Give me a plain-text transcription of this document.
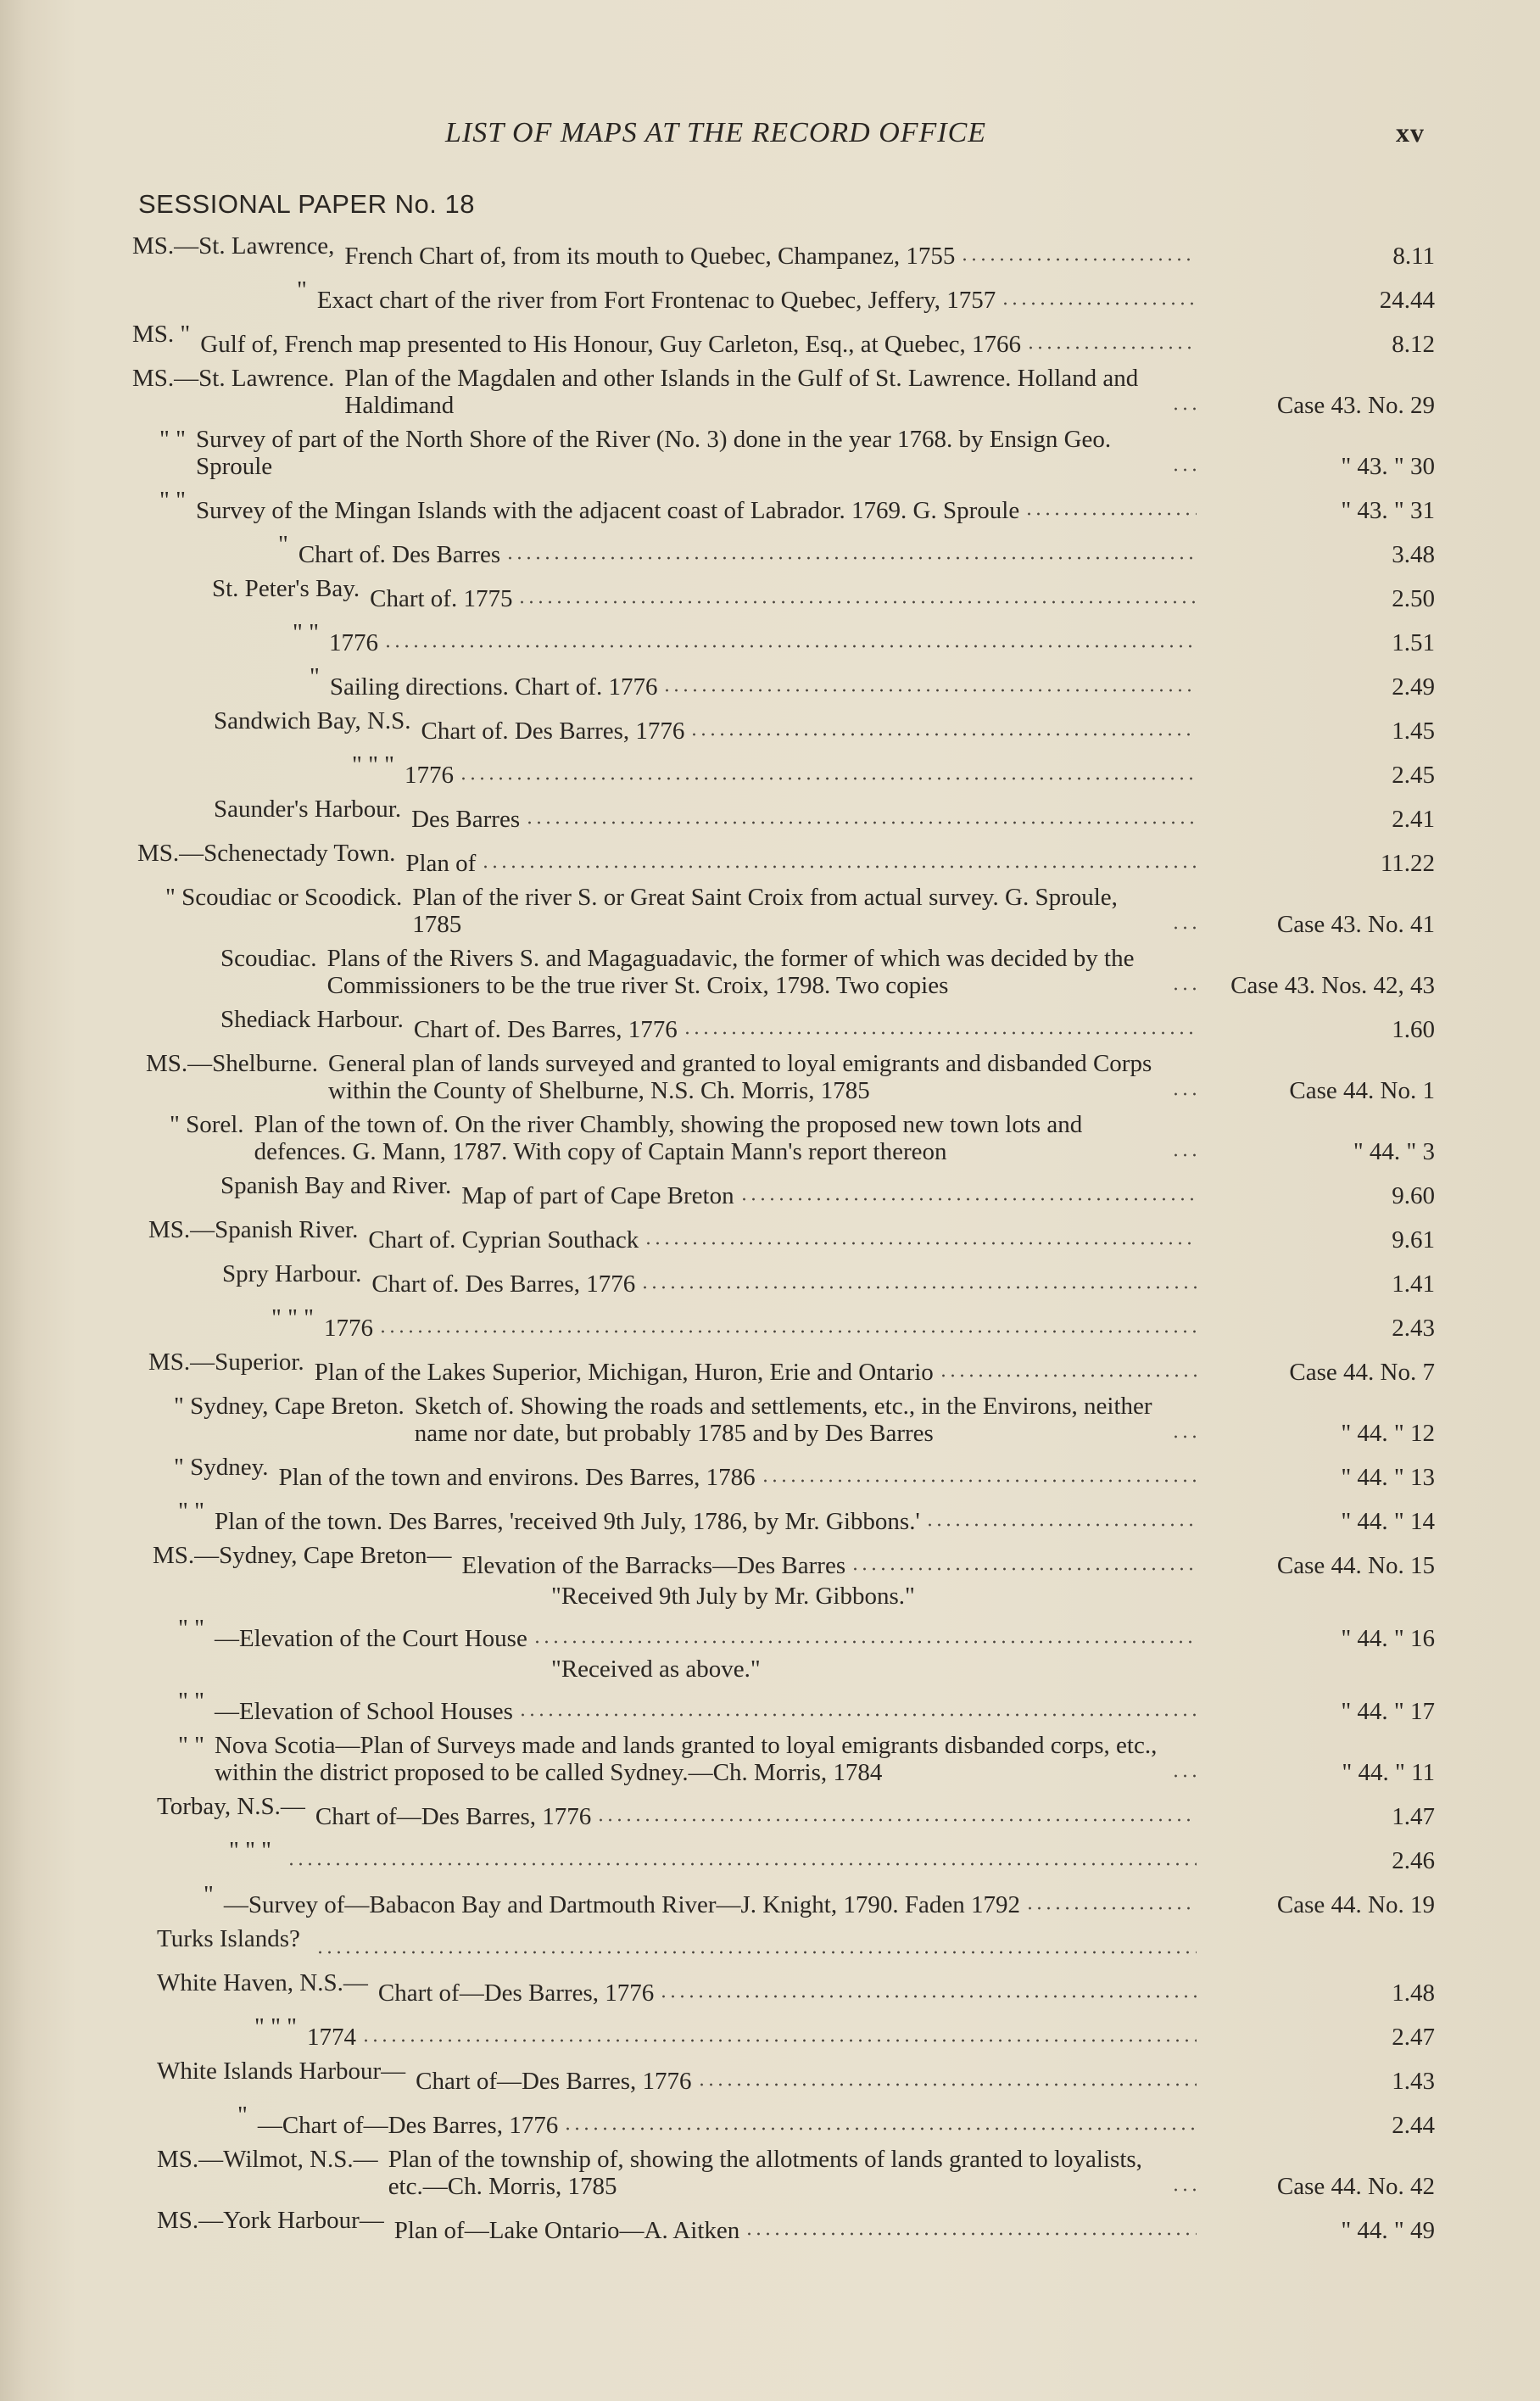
LIST OF MAPS AT THE RECORD OFFICE	xv
SESSIONAL PAPER No. 18
MS.—St. Lawrence, French Chart of, from its mouth to Quebec, Champanez, 1755	8.11
" Exact chart of the river from Fort Frontenac to Quebec, Jeffery, 1757	24.44
MS. " Gulf of, French map presented to His Honour, Guy Carleton, Esq., at Quebec, 1766	8.12
MS.—St. Lawrence. Plan of the Magdalen and other Islands in the Gulf of St. Lawrence. Holland and Haldimand	Case 43. No. 29
" " Survey of part of the North Shore of the River (No. 3) done in the year 1768. by Ensign Geo. Sproule	" 43. " 30
" " Survey of the Mingan Islands with the adjacent coast of Labrador. 1769. G. Sproule	" 43. " 31
" Chart of. Des Barres	3.48
St. Peter's Bay. Chart of. 1775	2.50
" " 1776	1.51
" Sailing directions. Chart of. 1776	2.49
Sandwich Bay, N.S. Chart of. Des Barres, 1776	1.45
" " " 1776	2.45
Saunder's Harbour. Des Barres	2.41
MS.—Schenectady Town. Plan of	11.22
" Scoudiac or Scoodick. Plan of the river S. or Great Saint Croix from actual survey. G. Sproule, 1785	Case 43. No. 41
Scoudiac. Plans of the Rivers S. and Magaguadavic, the former of which was decided by the Commissioners to be the true river St. Croix, 1798. Two copies	Case 43. Nos. 42, 43
Shediack Harbour. Chart of. Des Barres, 1776	1.60
MS.—Shelburne. General plan of lands surveyed and granted to loyal emigrants and disbanded Corps within the County of Shelburne, N.S. Ch. Morris, 1785	Case 44. No. 1
" Sorel. Plan of the town of. On the river Chambly, showing the proposed new town lots and defences. G. Mann, 1787. With copy of Captain Mann's report thereon	" 44. " 3
Spanish Bay and River. Map of part of Cape Breton	9.60
MS.—Spanish River. Chart of. Cyprian Southack	9.61
Spry Harbour. Chart of. Des Barres, 1776	1.41
" " " 1776	2.43
MS.—Superior. Plan of the Lakes Superior, Michigan, Huron, Erie and Ontario	Case 44. No. 7
" Sydney, Cape Breton. Sketch of. Showing the roads and settlements, etc., in the Environs, neither name nor date, but probably 1785 and by Des Barres	" 44. " 12
" Sydney. Plan of the town and environs. Des Barres, 1786	" 44. " 13
" " Plan of the town. Des Barres, 'received 9th July, 1786, by Mr. Gibbons.'	" 44. " 14
MS.—Sydney, Cape Breton— Elevation of the Barracks—Des Barres	Case 44. No. 15
"Received 9th July by Mr. Gibbons."
" " —Elevation of the Court House	" 44. " 16
"Received as above."
" " —Elevation of School Houses	" 44. " 17
" " Nova Scotia—Plan of Surveys made and lands granted to loyal emigrants disbanded corps, etc., within the district proposed to be called Sydney.—Ch. Morris, 1784	" 44. " 11
Torbay, N.S.— Chart of—Des Barres, 1776	1.47
" " "	2.46
" —Survey of—Babacon Bay and Dartmouth River—J. Knight, 1790. Faden 1792	Case 44. No. 19
Turks Islands?
White Haven, N.S.— Chart of—Des Barres, 1776	1.48
" " " 1774	2.47
White Islands Harbour— Chart of—Des Barres, 1776	1.43
" —Chart of—Des Barres, 1776	2.44
MS.—Wilmot, N.S.— Plan of the township of, showing the allotments of lands granted to loyalists, etc.—Ch. Morris, 1785	Case 44. No. 42
MS.—York Harbour— Plan of—Lake Ontario—A. Aitken	" 44. " 49
